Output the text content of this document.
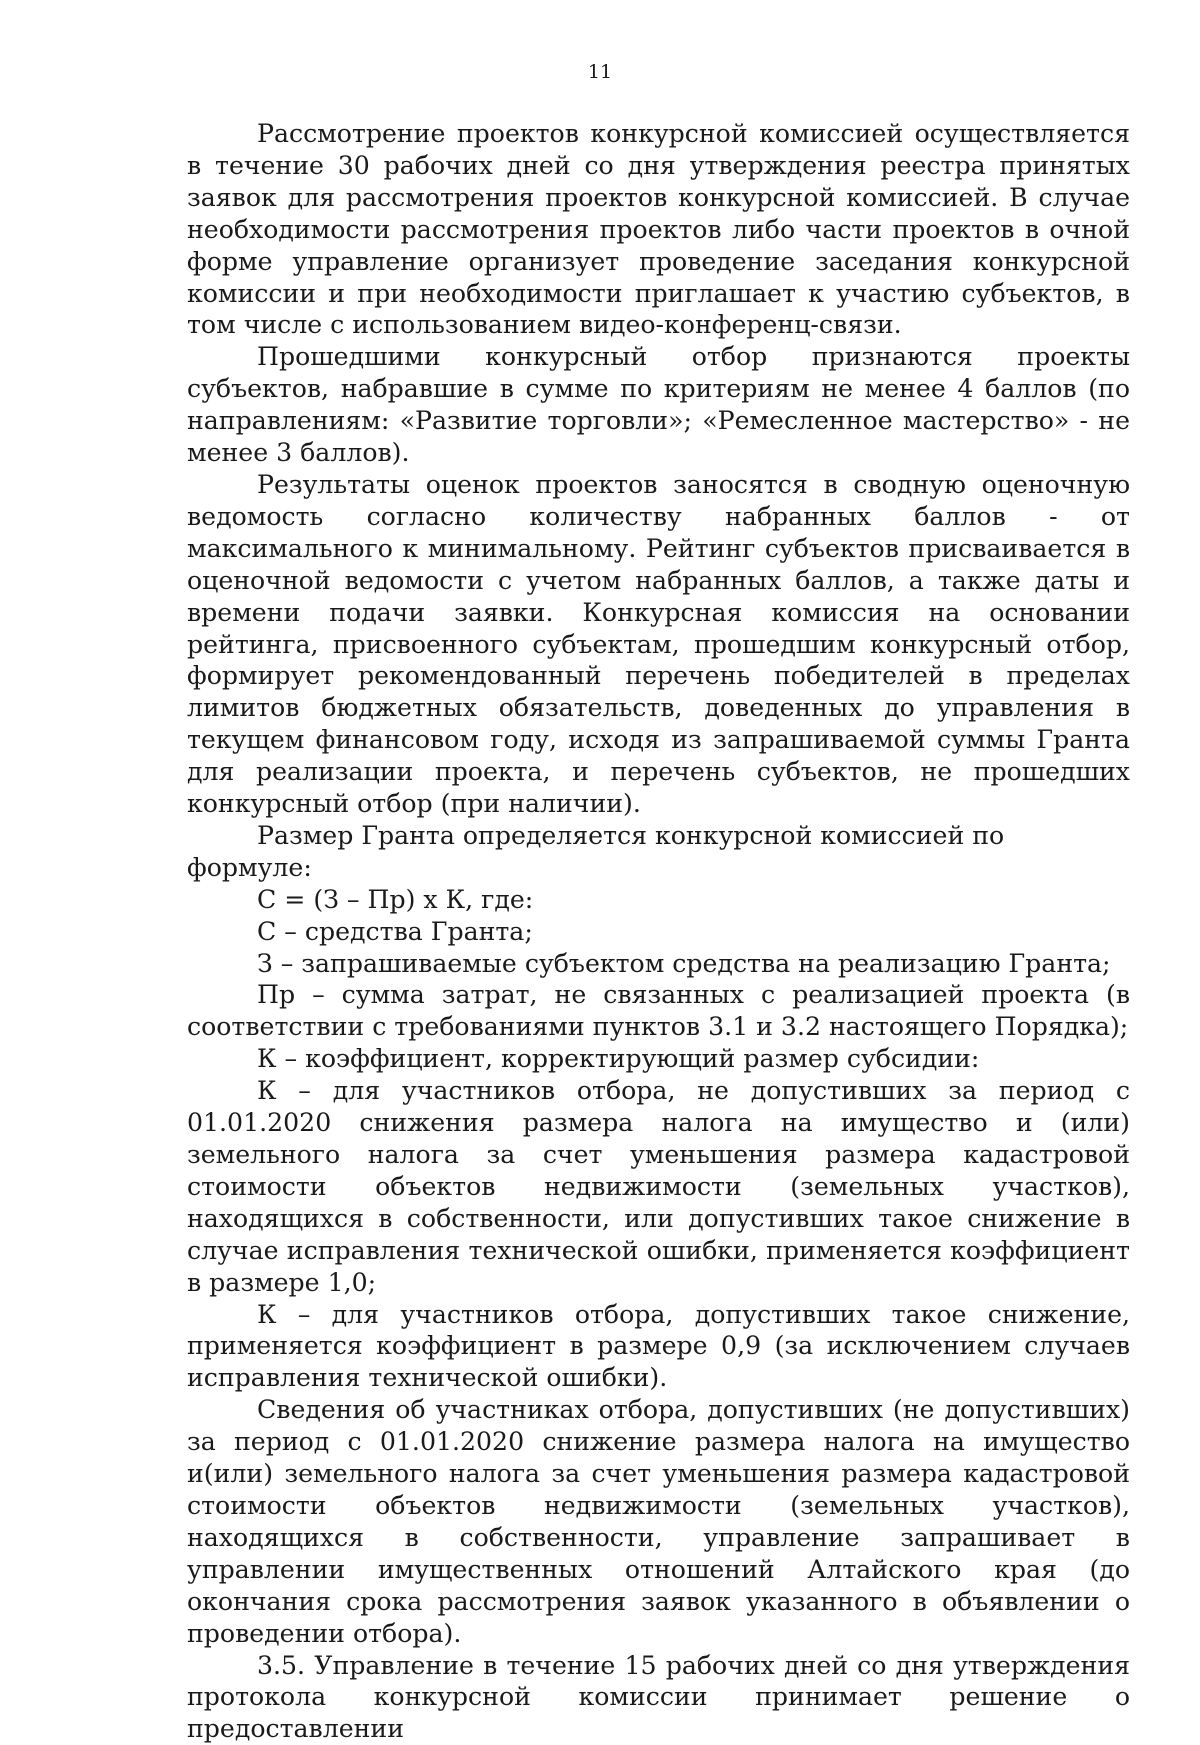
11

Рассмотрение проектов конкурсной комиссией осуществляется в течение 30 рабочих дней со дня утверждения реестра принятых заявок для рассмотрения проектов конкурсной комиссией. В случае необходимости рассмотрения проектов либо части проектов в очной форме управление организует проведение заседания конкурсной комиссии и при необходимости приглашает к участию субъектов, в том числе с использованием видео-конференц-связи.

Прошедшими конкурсный отбор признаются проекты субъектов, набравшие в сумме по критериям не менее 4 баллов (по направлениям: «Развитие торговли»; «Ремесленное мастерство» - не менее 3 баллов).

Результаты оценок проектов заносятся в сводную оценочную ведомость согласно количеству набранных баллов - от максимального к минимальному. Рейтинг субъектов присваивается в оценочной ведомости с учетом набранных баллов, а также даты и времени подачи заявки. Конкурсная комиссия на основании рейтинга, присвоенного субъектам, прошедшим конкурсный отбор, формирует рекомендованный перечень победителей в пределах лимитов бюджетных обязательств, доведенных до управления в текущем финансовом году, исходя из запрашиваемой суммы Гранта для реализации проекта, и перечень субъектов, не прошедших конкурсный отбор (при наличии).

Размер Гранта определяется конкурсной комиссией по формуле:

С = (З – Пр) х К, где:

С – средства Гранта;

З – запрашиваемые субъектом средства на реализацию Гранта;

Пр – сумма затрат, не связанных с реализацией проекта (в соответствии с требованиями пунктов 3.1 и 3.2 настоящего Порядка);

К – коэффициент, корректирующий размер субсидии:

К – для участников отбора, не допустивших за период с 01.01.2020 снижения размера налога на имущество и (или) земельного налога за счет уменьшения размера кадастровой стоимости объектов недвижимости (земельных участков), находящихся в собственности, или допустивших такое снижение в случае исправления технической ошибки, применяется коэффициент в размере 1,0;

К – для участников отбора, допустивших такое снижение, применяется коэффициент в размере 0,9 (за исключением случаев исправления технической ошибки).

Сведения об участниках отбора, допустивших (не допустивших) за период с 01.01.2020 снижение размера налога на имущество и(или) земельного налога за счет уменьшения размера кадастровой стоимости объектов недвижимости (земельных участков), находящихся в собственности, управление запрашивает в управлении имущественных отношений Алтайского края (до окончания срока рассмотрения заявок указанного в объявлении о проведении отбора).

3.5. Управление в течение 15 рабочих дней со дня утверждения протокола конкурсной комиссии принимает решение о предоставлении
